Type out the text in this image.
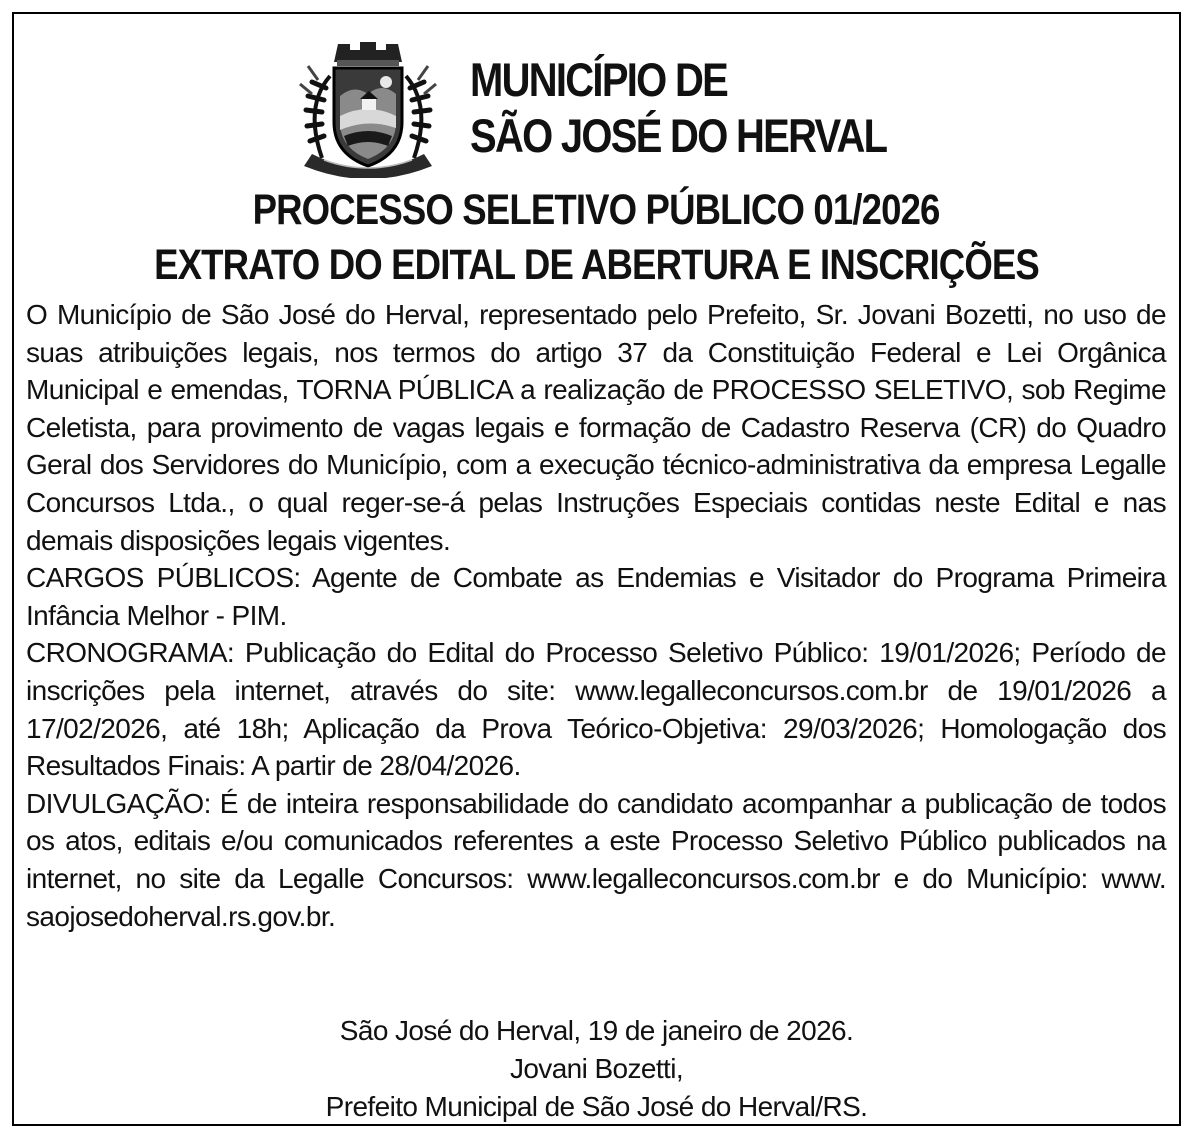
MUNICÍPIO DE
SÃO JOSÉ DO HERVAL
PROCESSO SELETIVO PÚBLICO 01/2026
EXTRATO DO EDITAL DE ABERTURA E INSCRIÇÕES

O Município de São José do Herval, representado pelo Prefeito, Sr. Jovani Bozetti, no uso de suas atribuições legais, nos termos do artigo 37 da Constituição Federal e Lei Orgânica Municipal e emendas, TORNA PÚBLICA a realização de PROCESSO SELETIVO, sob Regime Celetista, para provimento de vagas legais e formação de Cadastro Reserva (CR) do Quadro Geral dos Servidores do Município, com a execução técnico-administrativa da empresa Legalle Concursos Ltda., o qual reger-se-á pelas Instruções Especiais contidas neste Edital e nas demais disposições legais vigentes.

CARGOS PÚBLICOS: Agente de Combate as Endemias e Visitador do Programa Primeira Infância Melhor - PIM.

CRONOGRAMA: Publicação do Edital do Processo Seletivo Público: 19/01/2026; Período de inscrições pela internet, através do site: www.legalleconcursos.com.br de 19/01/2026 a 17/02/2026, até 18h; Aplicação da Prova Teórico-Objetiva: 29/03/2026; Homologação dos Resultados Finais: A partir de 28/04/2026.

DIVULGAÇÃO: É de inteira responsabilidade do candidato acompanhar a publicação de todos os atos, editais e/ou comunicados referentes a este Processo Seletivo Público publicados na internet, no site da Legalle Concursos: www.legalleconcursos.com.br e do Município: www. saojosedoherval.rs.gov.br.

São José do Herval, 19 de janeiro de 2026.
Jovani Bozetti,
Prefeito Municipal de São José do Herval/RS.
